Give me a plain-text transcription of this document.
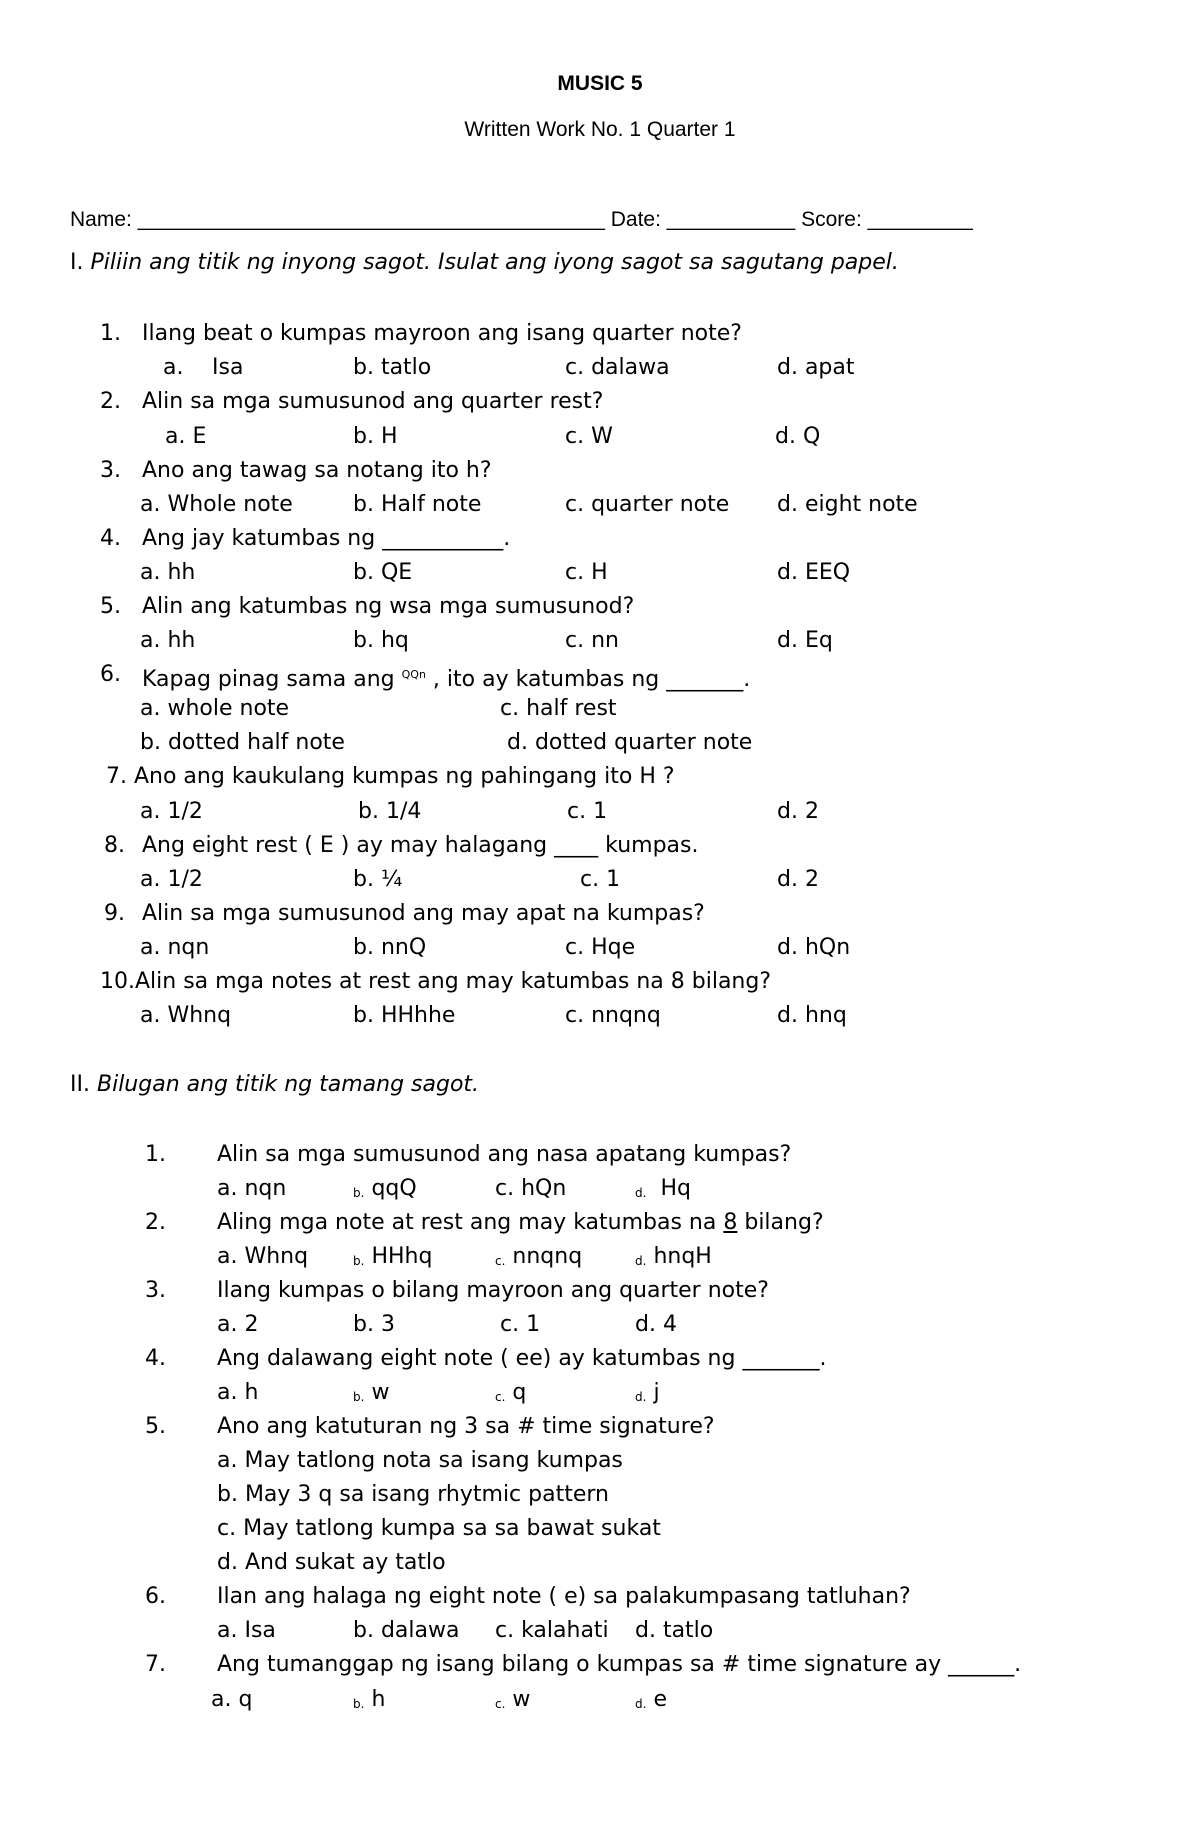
MUSIC 5
Written Work No. 1 Quarter 1
Name: ________________________________________ Date: ___________ Score: _________
I. Piliin ang titik ng inyong sagot. Isulat ang iyong sagot sa sagutang papel.
1. Ilang beat o kumpas mayroon ang isang quarter note?
a. Isa	b. tatlo	c. dalawa	d. apat
2. Alin sa mga sumusunod ang quarter rest?
a. E	b. H	c. W	d. Q
3. Ano ang tawag sa notang ito h?
a. Whole note	b. Half note	c. quarter note d. eight note
4. Ang jay katumbas ng ___________.
a. hh	b. QE	c. H	d. EEQ
5. Alin ang katumbas ng wsa mga sumusunod?
a. hh	b. hq	c. nn	d. Eq
6. Kapag pinag sama ang $^{QQn}$ , ito ay katumbas ng _______.
a. whole note	c. half rest
b. dotted half note	d. dotted quarter note
7. Ano ang kaukulang kumpas ng pahingang ito H ?
a. 1/2	b. 1/4	c. 1	d. 2
8. Ang eight rest ( E ) ay may halagang ____ kumpas.
a. 1/2	b. ¼	c. 1	d. 2
9. Alin sa mga sumusunod ang may apat na kumpas?
a. nqn	b. nnQ	c. Hqe	d. hQn
10.Alin sa mga notes at rest ang may katumbas na 8 bilang?
a. Whnq	b. HHhhe	c. nnqnq	d. hnq
II. Bilugan ang titik ng tamang sagot.
1. Alin sa mga sumusunod ang nasa apatang kumpas?
a. nqn	b. qqQ	c. hQn	d. Hq
2. Aling mga note at rest ang may katumbas na 8 bilang?
a. Whnq	b. HHhq	c. nnqnq	d. hnqH
3. Ilang kumpas o bilang mayroon ang quarter note?
a. 2	b. 3	c. 1	d. 4
4. Ang dalawang eight note ( ee) ay katumbas ng _______.
a. h	b. w	c. q	d. j
5. Ano ang katuturan ng 3 sa # time signature?
a. May tatlong nota sa isang kumpas
b. May 3 q sa isang rhytmic pattern
c. May tatlong kumpa sa sa bawat sukat
d. And sukat ay tatlo
6. Ilan ang halaga ng eight note ( e) sa palakumpasang tatluhan?
a. Isa	b. dalawa c. kalahati d. tatlo
7. Ang tumanggap ng isang bilang o kumpas sa # time signature ay ______.
a. q	b. h	c. w	d. e
